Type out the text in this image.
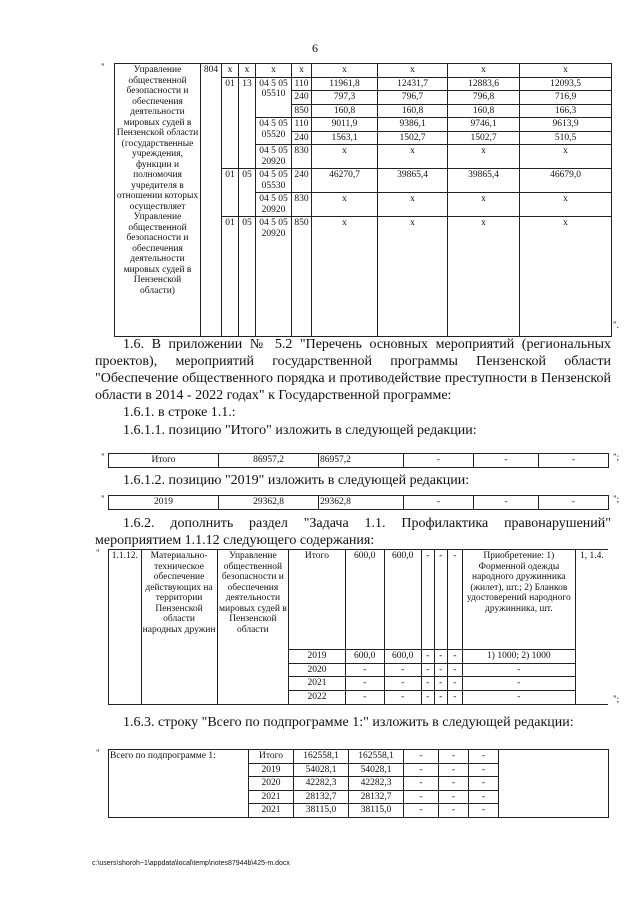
6
"	Управление общественной безопасности и обеспечения деятельности мировых судей в Пензенской области (государственные учреждения, функции и полномочия учредителя в отношении которых осуществляет Управление общественной безопасности и обеспечения деятельности мировых судей в Пензенской области)	804	x	x	x	x	x	x	x	x
		01	13	04 5 05 05510	110	11961,8	12431,7	12883,6	12093,5
					240	797,3	796,7	796,8	716,9
					850	160,8	160,8	160,8	166,3
				04 5 05 05520	110	9011,9	9386,1	9746,1	9613,9
					240	1563,1	1502,7	1502,7	510,5
				04 5 05 20920	830	x	x	x	x
		01	05	04 5 05 05530	240	46270,7	39865,4	39865,4	46679,0
				04 5 05 20920	830	x	x	x	x
		01	05	04 5 05 20920	850	x	x	x	x
".
1.6. В приложении № 5.2 "Перечень основных мероприятий (региональных проектов), мероприятий государственной программы Пензенской области "Обеспечение общественного порядка и противодействие преступности в Пензенской области в 2014 - 2022 годах" к Государственной программе:
1.6.1. в строке 1.1.:
1.6.1.1. позицию "Итого" изложить в следующей редакции:
"	Итого	86957,2	86957,2	-	-	-	";
1.6.1.2. позицию "2019" изложить в следующей редакции:
"	2019	29362,8	29362,8	-	-	-	";
1.6.2. дополнить раздел "Задача 1.1. Профилактика правонарушений" мероприятием 1.1.12 следующего содержания:
" 1.1.12.	Материально-техническое обеспечение действующих на территории Пензенской области народных дружин	Управление общественной безопасности и обеспечения деятельности мировых судей в Пензенской области	Итого	600,0	600,0	-	-	-	Приобретение: 1) Форменной одежды народного дружинника (жилет), шт.; 2) Бланков удостоверений народного дружинника, шт.	1, 1.4.
			2019	600,0	600,0	-	-	-	1) 1000; 2) 1000	
			2020	-	-	-	-	-	-	
			2021	-	-	-	-	-	-	
			2022	-	-	-	-	-	-		";
1.6.3. строку "Всего по подпрограмме 1:" изложить в следующей редакции:
" Всего по подпрограмме 1:	Итого	162558,1	162558,1	-	-	-	
	2019	54028,1	54028,1	-	-	-	
	2020	42282,3	42282,3	-	-	-	
	2021	28132,7	28132,7	-	-	-	
	2021	38115,0	38115,0	-	-	-	
c:\users\shoroh~1\appdata\local\temp\notes87944b\425-m.docx
